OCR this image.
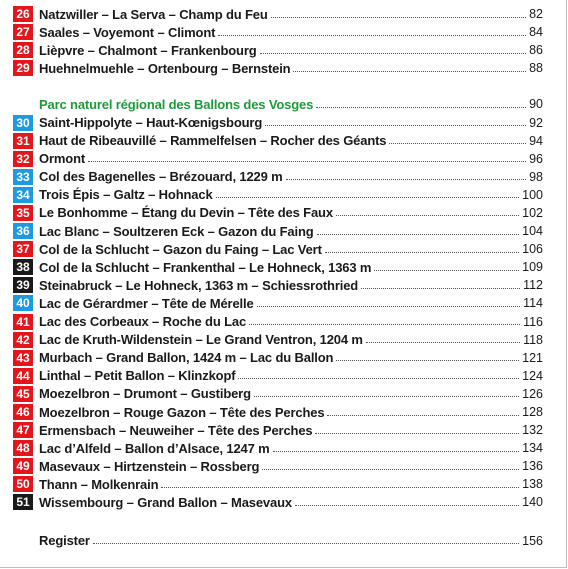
26 Natzwiller – La Serva – Champ du Feu	82
27 Saales – Voyemont – Climont	84
28 Lièpvre – Chalmont – Frankenbourg	86
29 Huehnelmuehle – Ortenbourg – Bernstein	88
Parc naturel régional des Ballons des Vosges	90
30 Saint-Hippolyte – Haut-Kœnigsbourg	92
31 Haut de Ribeauvillé – Rammelfelsen – Rocher des Géants	94
32 Ormont	96
33 Col des Bagenelles – Brézouard, 1229 m	98
34 Trois Épis – Galtz – Hohnack	100
35 Le Bonhomme – Étang du Devin – Tête des Faux	102
36 Lac Blanc – Soultzeren Eck – Gazon du Faing	104
37 Col de la Schlucht – Gazon du Faing – Lac Vert	106
38 Col de la Schlucht – Frankenthal – Le Hohneck, 1363 m	109
39 Steinabruck – Le Hohneck, 1363 m – Schiessrothried	112
40 Lac de Gérardmer – Tête de Mérelle	114
41 Lac des Corbeaux – Roche du Lac	116
42 Lac de Kruth-Wildenstein – Le Grand Ventron, 1204 m	118
43 Murbach – Grand Ballon, 1424 m – Lac du Ballon	121
44 Linthal – Petit Ballon – Klinzkopf	124
45 Moezelbron – Drumont – Gustiberg	126
46 Moezelbron – Rouge Gazon – Tête des Perches	128
47 Ermensbach – Neuweiher – Tête des Perches	132
48 Lac d’Alfeld – Ballon d’Alsace, 1247 m	134
49 Masevaux – Hirtzenstein – Rossberg	136
50 Thann – Molkenrain	138
51 Wissembourg – Grand Ballon – Masevaux	140
Register	156
